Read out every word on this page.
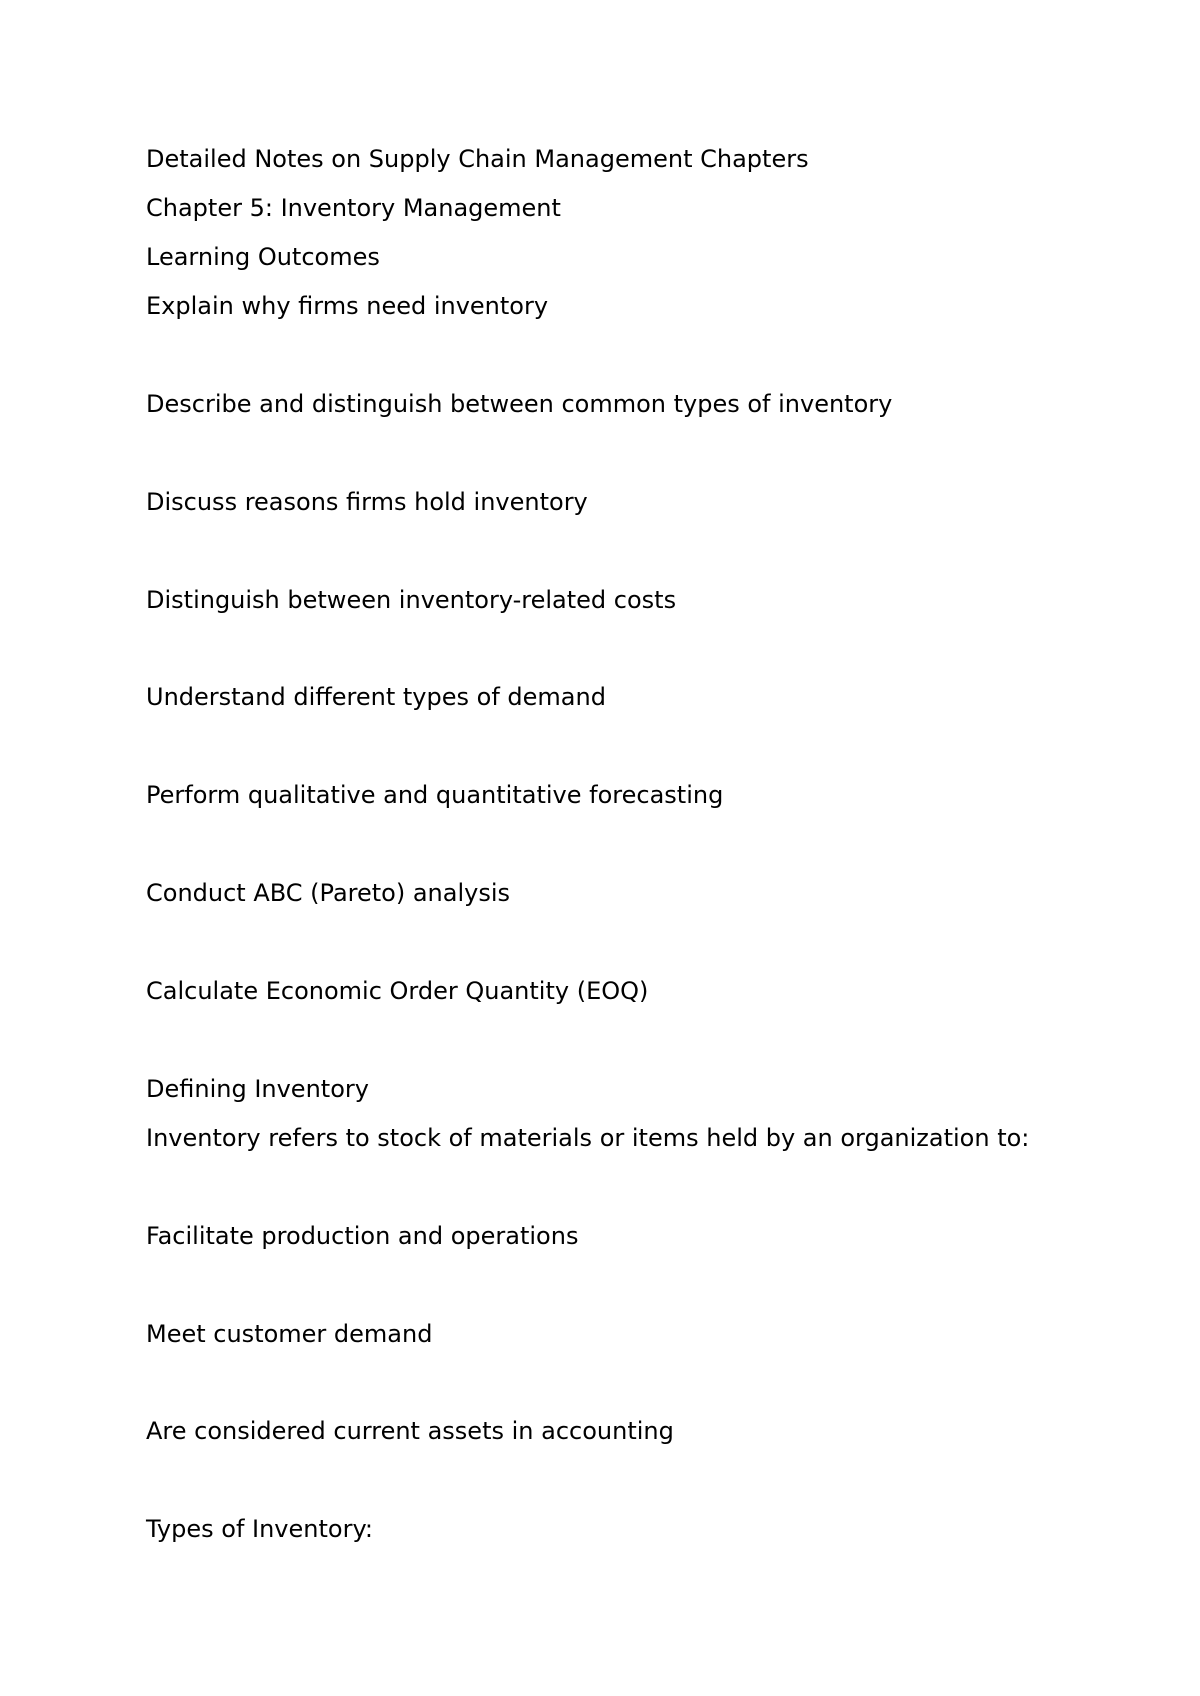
Detailed Notes on Supply Chain Management Chapters

Chapter 5: Inventory Management

Learning Outcomes

Explain why firms need inventory

Describe and distinguish between common types of inventory

Discuss reasons firms hold inventory

Distinguish between inventory-related costs

Understand different types of demand

Perform qualitative and quantitative forecasting

Conduct ABC (Pareto) analysis

Calculate Economic Order Quantity (EOQ)

Defining Inventory

Inventory refers to stock of materials or items held by an organization to:

Facilitate production and operations

Meet customer demand

Are considered current assets in accounting

Types of Inventory:
